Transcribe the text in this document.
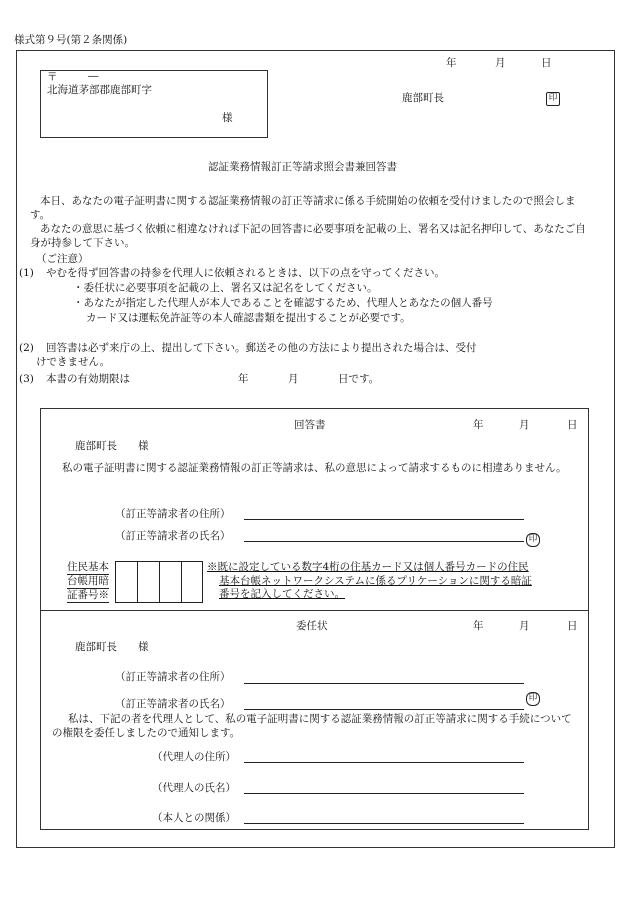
様式第９号(第２条関係)
年	月	日
〒	―
北海道茅部郡鹿部町字
様
鹿部町長	印
認証業務情報訂正等請求照会書兼回答書
本日、あなたの電子証明書に関する認証業務情報の訂正等請求に係る手続開始の依頼を受付けましたので照会します。
あなたの意思に基づく依頼に相違なければ下記の回答書に必要事項を記載の上、署名又は記名押印して、あなたご自身が持参して下さい。
（ご注意）
(1) やむを得ず回答書の持参を代理人に依頼されるときは、以下の点を守ってください。
・委任状に必要事項を記載の上、署名又は記名をしてください。
・あなたが指定した代理人が本人であることを確認するため、代理人とあなたの個人番号
カード又は運転免許証等の本人確認書類を提出することが必要です。
(2) 回答書は必ず来庁の上、提出して下さい。郵送その他の方法により提出された場合は、受付
けできません。
(3) 本書の有効期限は	年	月	日です。
回答書	年	月	日
鹿部町長　　様
私の電子証明書に関する認証業務情報の訂正等請求は、私の意思によって請求するものに相違ありません。
（訂正等請求者の住所）
（訂正等請求者の氏名）	印
住民基本
台帳用暗
証番号※
※既に設定している数字4桁の住基カード又は個人番号カードの住民
基本台帳ネットワークシステムに係るプリケーションに関する暗証
番号を記入してください。
委任状	年	月	日
鹿部町長　　様
（訂正等請求者の住所）
（訂正等請求者の氏名）	印
私は、下記の者を代理人として、私の電子証明書に関する認証業務情報の訂正等請求に関する手続についての権限を委任しましたので通知します。
（代理人の住所）
（代理人の氏名）
（本人との関係）
